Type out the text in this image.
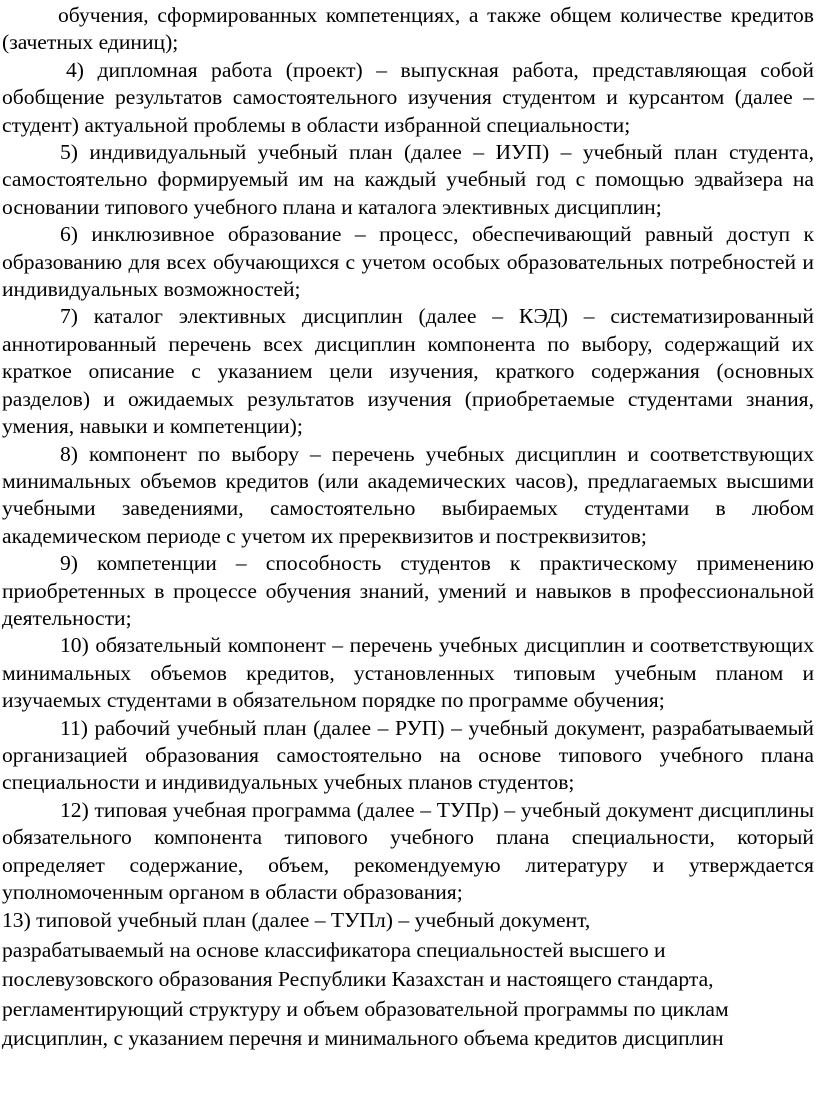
обучения, сформированных компетенциях, а также общем количестве кредитов (зачетных единиц);

4) дипломная работа (проект) – выпускная работа, представляющая собой обобщение результатов самостоятельного изучения студентом и курсантом (далее – студент) актуальной проблемы в области избранной специальности;

5) индивидуальный учебный план (далее – ИУП) – учебный план студента, самостоятельно формируемый им на каждый учебный год с помощью эдвайзера на основании типового учебного плана и каталога элективных дисциплин;

6) инклюзивное образование – процесс, обеспечивающий равный доступ к образованию для всех обучающихся с учетом особых образовательных потребностей и индивидуальных возможностей;

7) каталог элективных дисциплин (далее – КЭД) – систематизированный аннотированный перечень всех дисциплин компонента по выбору, содержащий их краткое описание с указанием цели изучения, краткого содержания (основных разделов) и ожидаемых результатов изучения (приобретаемые студентами знания, умения, навыки и компетенции);

8) компонент по выбору – перечень учебных дисциплин и соответствующих минимальных объемов кредитов (или академических часов), предлагаемых высшими учебными заведениями, самостоятельно выбираемых студентами в любом академическом периоде с учетом их пререквизитов и постреквизитов;

9) компетенции – способность студентов к практическому применению приобретенных в процессе обучения знаний, умений и навыков в профессиональной деятельности;

10) обязательный компонент – перечень учебных дисциплин и соответствующих минимальных объемов кредитов, установленных типовым учебным планом и изучаемых студентами в обязательном порядке по программе обучения;

11) рабочий учебный план (далее – РУП) – учебный документ, разрабатываемый организацией образования самостоятельно на основе типового учебного плана специальности и индивидуальных учебных планов студентов;

12) типовая учебная программа (далее – ТУПр) – учебный документ дисциплины обязательного компонента типового учебного плана специальности, который определяет содержание, объем, рекомендуемую литературу и утверждается уполномоченным органом в области образования;

13) типовой учебный план (далее – ТУПл) – учебный документ,

разрабатываемый на основе классификатора специальностей высшего и

послевузовского образования Республики Казахстан и настоящего стандарта,

регламентирующий структуру и объем образовательной программы по циклам

дисциплин, с указанием перечня и минимального объема кредитов дисциплин
